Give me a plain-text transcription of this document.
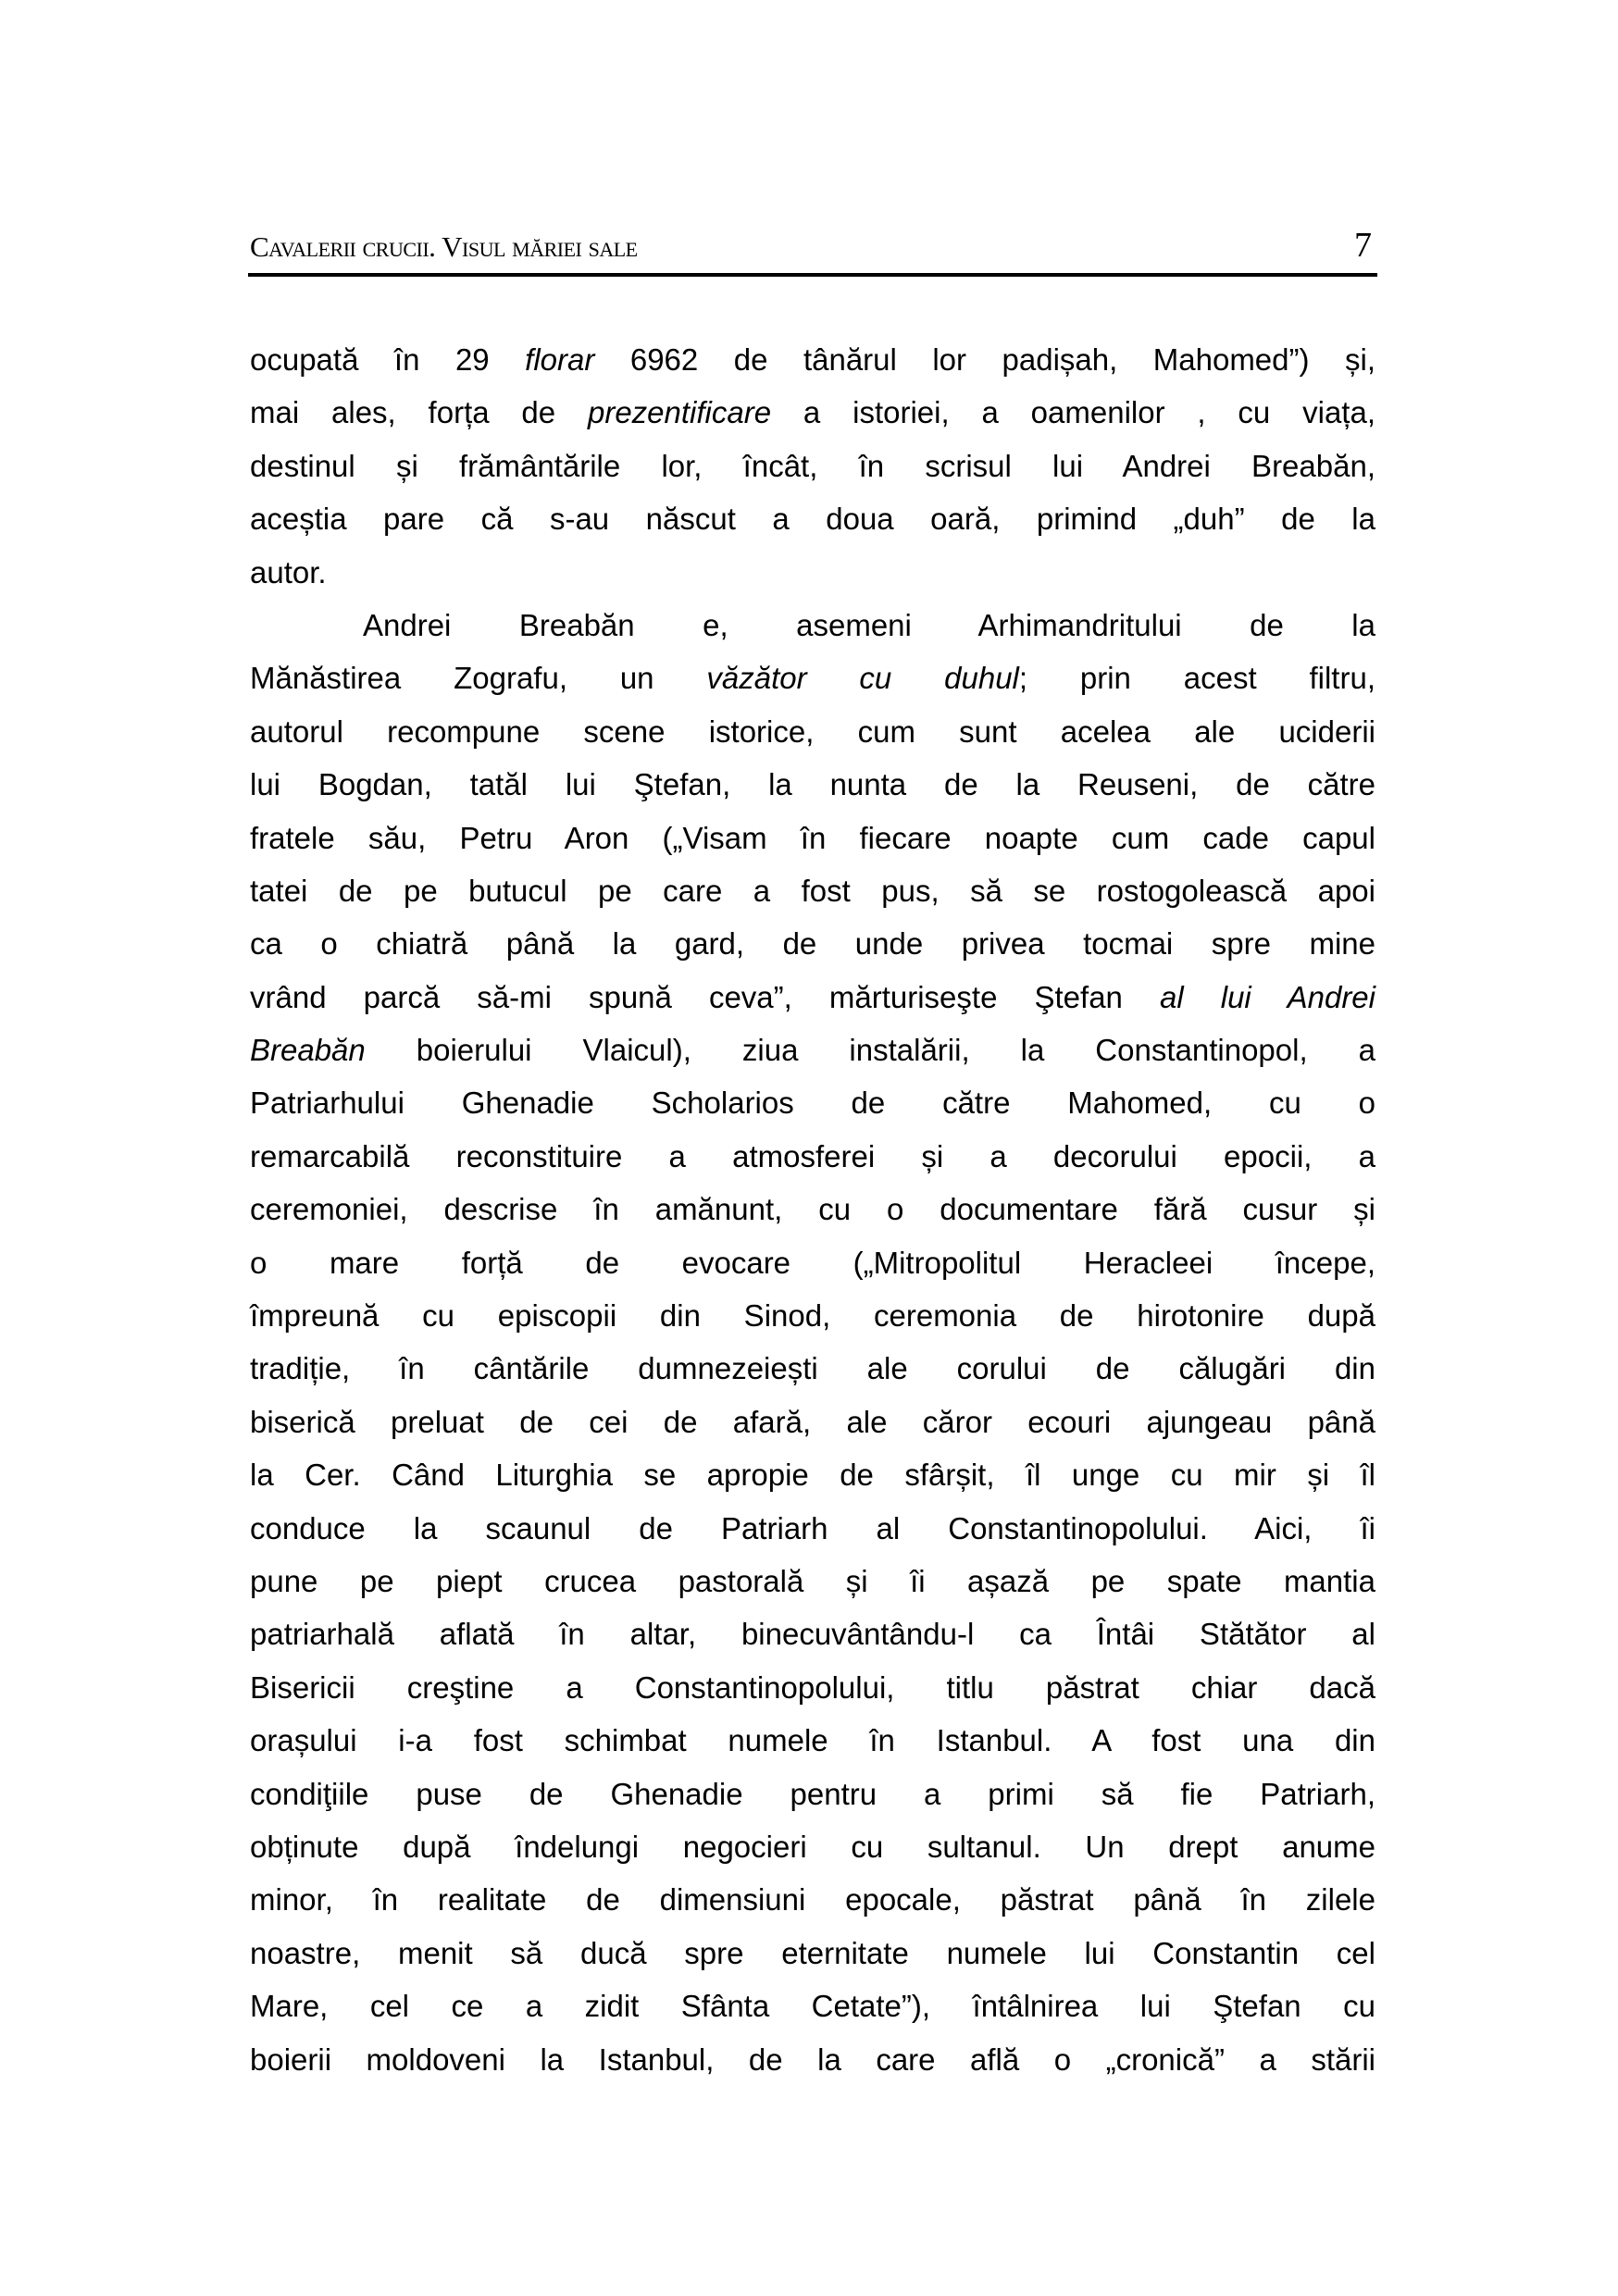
Cavalerii crucii. Visul măriei sale	7
ocupată în 29 florar 6962 de tânărul lor padișah, Mahomed”) și,
mai ales, forța de prezentificare a istoriei, a oamenilor , cu viața,
destinul și frământările lor, încât, în scrisul lui Andrei Breabăn,
aceștia pare că s-au născut a doua oară, primind „duh” de la
autor.
Andrei Breabăn e, asemeni Arhimandritului de la
Mănăstirea Zografu, un văzător cu duhul; prin acest filtru,
autorul recompune scene istorice, cum sunt acelea ale uciderii
lui Bogdan, tatăl lui Ştefan, la nunta de la Reuseni, de către
fratele său, Petru Aron („Visam în fiecare noapte cum cade capul
tatei de pe butucul pe care a fost pus, să se rostogolească apoi
ca o chiatră până la gard, de unde privea tocmai spre mine
vrând parcă să-mi spună ceva”, mărturiseşte Ştefan al lui Andrei
Breabăn boierului Vlaicul), ziua instalării, la Constantinopol, a
Patriarhului Ghenadie Scholarios de către Mahomed, cu o
remarcabilă reconstituire a atmosferei și a decorului epocii, a
ceremoniei, descrise în amănunt, cu o documentare fără cusur și
o mare forță de evocare („Mitropolitul Heracleei începe,
împreună cu episcopii din Sinod, ceremonia de hirotonire după
tradiție, în cântările dumnezeiești ale corului de călugări din
biserică preluat de cei de afară, ale căror ecouri ajungeau până
la Cer. Când Liturghia se apropie de sfârșit, îl unge cu mir și îl
conduce la scaunul de Patriarh al Constantinopolului. Aici, îi
pune pe piept crucea pastorală și îi așază pe spate mantia
patriarhală aflată în altar, binecuvântându-l ca Întâi Stătător al
Bisericii creştine a Constantinopolului, titlu păstrat chiar dacă
orașului i-a fost schimbat numele în Istanbul. A fost una din
condiţiile puse de Ghenadie pentru a primi să fie Patriarh,
obținute după îndelungi negocieri cu sultanul. Un drept anume
minor, în realitate de dimensiuni epocale, păstrat până în zilele
noastre, menit să ducă spre eternitate numele lui Constantin cel
Mare, cel ce a zidit Sfânta Cetate”), întâlnirea lui Ştefan cu
boierii moldoveni la Istanbul, de la care află o „cronică” a stării
